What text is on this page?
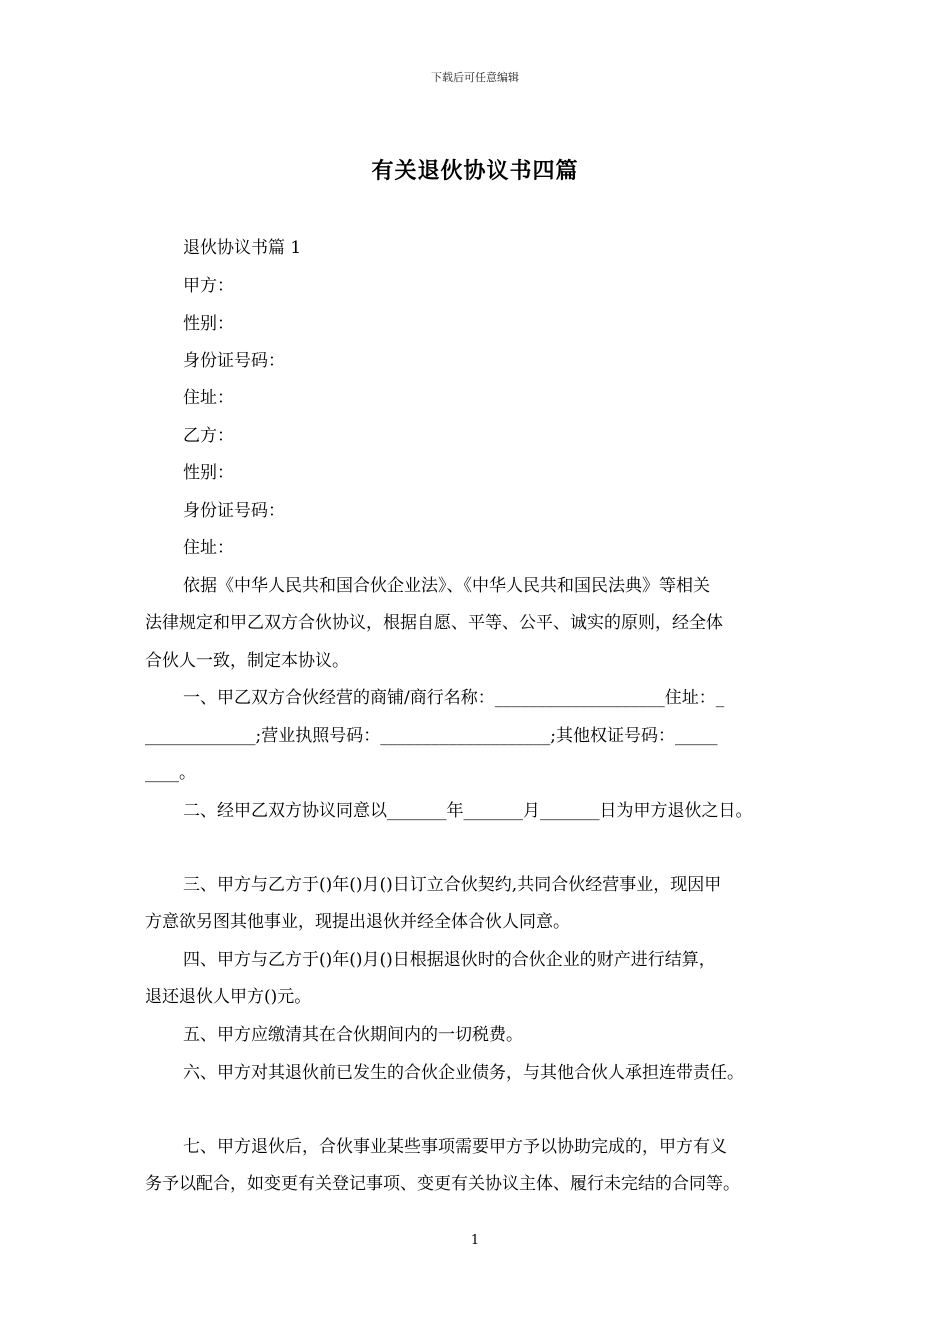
下载后可任意编辑
有关退伙协议书四篇
退伙协议书篇 1
甲方：
性别：
身份证号码：
住址：
乙方：
性别：
身份证号码：
住址：
依据《中华人民共和国合伙企业法》、《中华人民共和国民法典》等相关
法律规定和甲乙双方合伙协议，根据自愿、平等、公平、诚实的原则，经全体
合伙人一致，制定本协议。
一、甲乙双方合伙经营的商铺/商行名称：____________________住址：_
_____________;营业执照号码：____________________;其他权证号码：_____
____。
二、经甲乙双方协议同意以_______年_______月_______日为甲方退伙之日。
三、甲方与乙方于()年()月()日订立合伙契约,共同合伙经营事业，现因甲
方意欲另图其他事业，现提出退伙并经全体合伙人同意。
四、甲方与乙方于()年()月()日根据退伙时的合伙企业的财产进行结算，
退还退伙人甲方()元。
五、甲方应缴清其在合伙期间内的一切税费。
六、甲方对其退伙前已发生的合伙企业债务，与其他合伙人承担连带责任。
七、甲方退伙后，合伙事业某些事项需要甲方予以协助完成的，甲方有义
务予以配合，如变更有关登记事项、变更有关协议主体、履行未完结的合同等。
1
